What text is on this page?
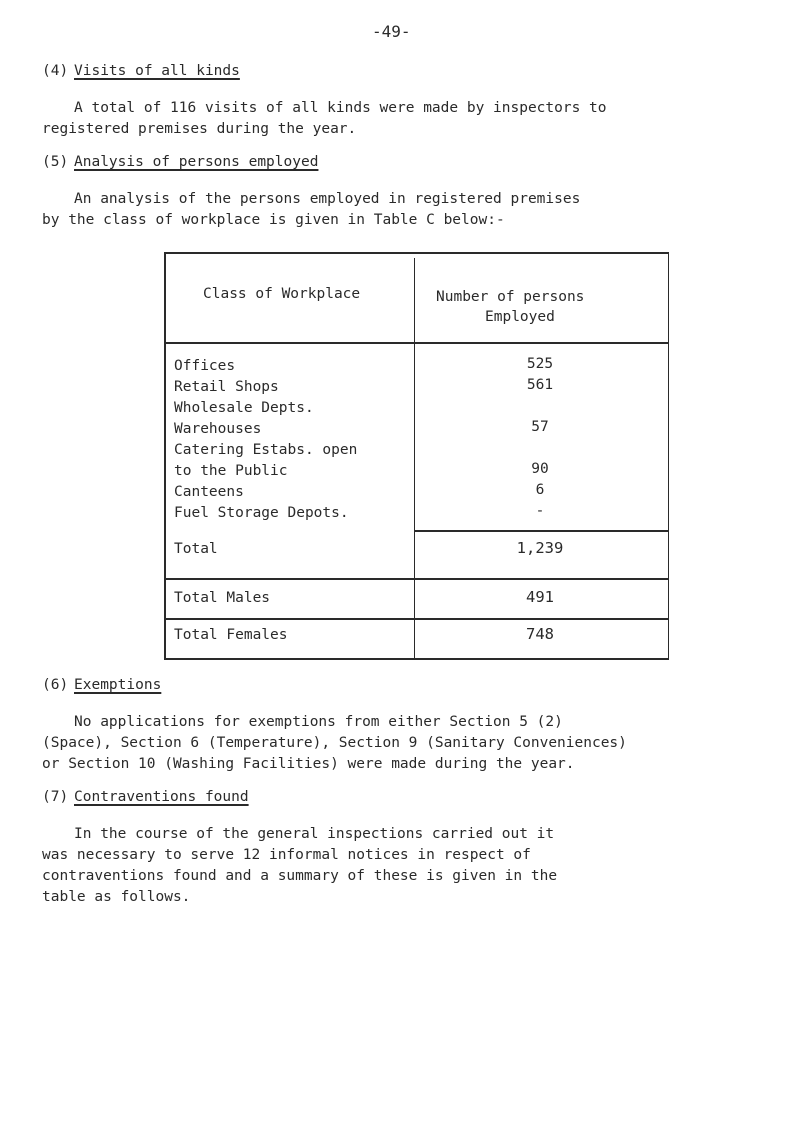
-49-
(4) Visits of all kinds
A total of 116 visits of all kinds were made by inspectors to
registered premises during the year.
(5) Analysis of persons employed
An analysis of the persons employed in registered premises
by the class of workplace is given in Table C below:-
Class of Workplace	Number of persons
Employed
Offices	525
Retail Shops	561
Wholesale Depts.
Warehouses	57
Catering Estabs. open
to the Public	90
Canteens	6
Fuel Storage Depots.	-
Total	1,239
Total Males	491
Total Females	748
(6) Exemptions
No applications for exemptions from either Section 5 (2)
(Space), Section 6 (Temperature), Section 9 (Sanitary Conveniences)
or Section 10 (Washing Facilities) were made during the year.
(7) Contraventions found
In the course of the general inspections carried out it
was necessary to serve 12 informal notices in respect of
contraventions found and a summary of these is given in the
table as follows.
